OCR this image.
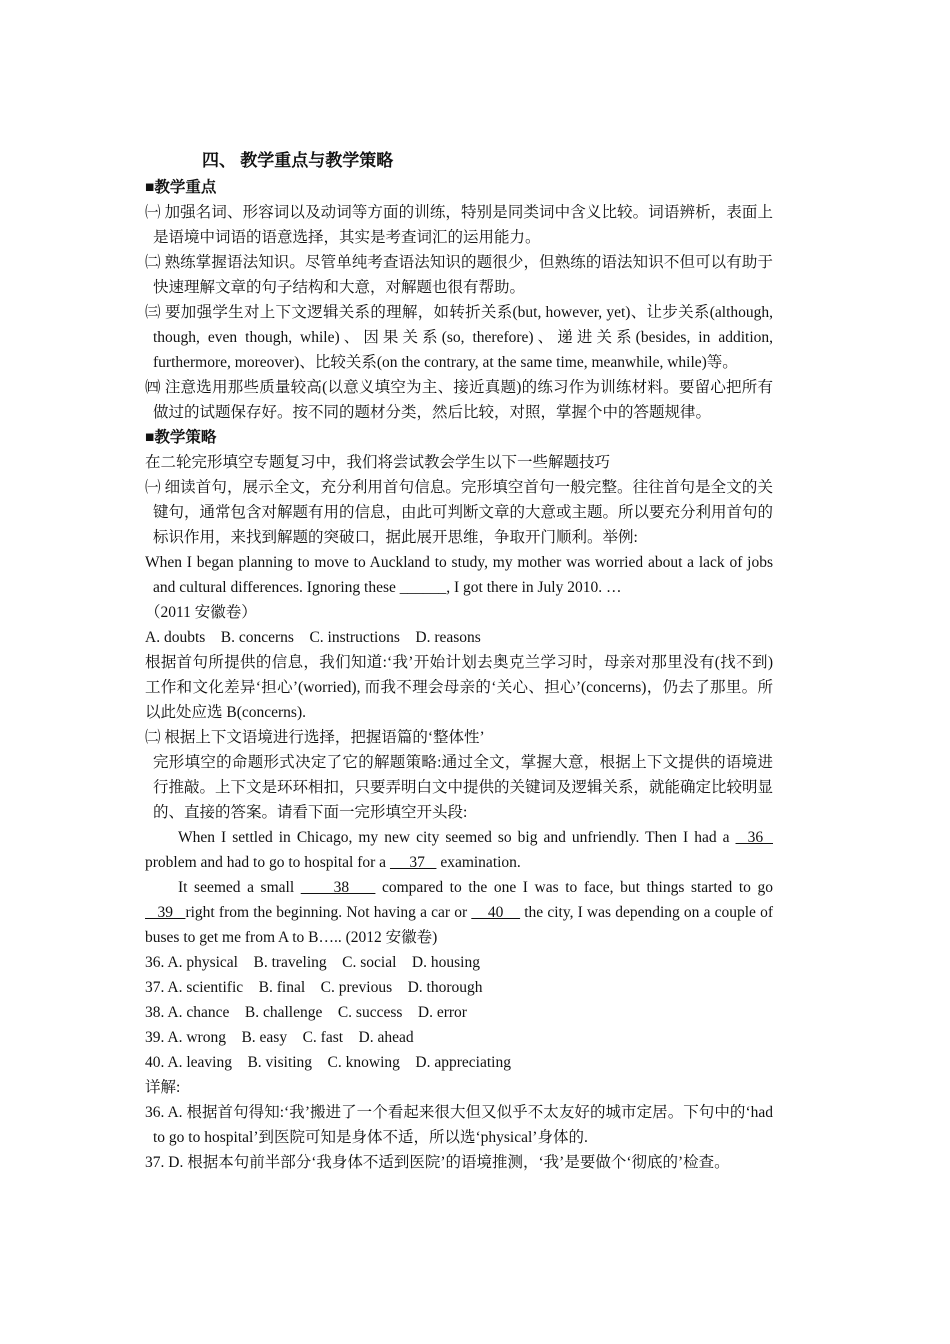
四、 教学重点与教学策略

■教学重点

㈠ 加强名词、形容词以及动词等方面的训练，特别是同类词中含义比较。词语辨析，表面上是语境中词语的语意选择，其实是考查词汇的运用能力。

㈡ 熟练掌握语法知识。尽管单纯考查语法知识的题很少，但熟练的语法知识不但可以有助于快速理解文章的句子结构和大意，对解题也很有帮助。

㈢ 要加强学生对上下文逻辑关系的理解，如转折关系(but, however, yet)、让步关系(although, though, even though, while)、因果关系(so, therefore)、递进关系(besides, in addition, furthermore, moreover)、比较关系(on the contrary, at the same time, meanwhile, while)等。

㈣ 注意选用那些质量较高(以意义填空为主、接近真题)的练习作为训练材料。要留心把所有做过的试题保存好。按不同的题材分类，然后比较，对照，掌握个中的答题规律。

■教学策略

在二轮完形填空专题复习中，我们将尝试教会学生以下一些解题技巧

㈠ 细读首句，展示全文，充分利用首句信息。完形填空首句一般完整。往往首句是全文的关键句，通常包含对解题有用的信息，由此可判断文章的大意或主题。所以要充分利用首句的标识作用，来找到解题的突破口，据此展开思维，争取开门顺利。举例:

When I began planning to move to Auckland to study, my mother was worried about a lack of jobs and cultural differences. Ignoring these ______, I got there in July 2010. …

（2011 安徽卷）

A. doubts    B. concerns    C. instructions    D. reasons

根据首句所提供的信息，我们知道:‘我’开始计划去奥克兰学习时，母亲对那里没有(找不到)工作和文化差异‘担心’(worried), 而我不理会母亲的‘关心、担心’(concerns)，仍去了那里。所以此处应选 B(concerns).

㈡ 根据上下文语境进行选择，把握语篇的‘整体性’

完形填空的命题形式决定了它的解题策略:通过全文，掌握大意，根据上下文提供的语境进行推敲。上下文是环环相扣，只要弄明白文中提供的关键词及逻辑关系，就能确定比较明显的、直接的答案。请看下面一完形填空开头段:

When I settled in Chicago, my new city seemed so big and unfriendly. Then I had a   36   problem and had to go to hospital for a      37    examination.

It seemed a small      38     compared to the one I was to face, but things started to go    39   right from the beginning. Not having a car or     40     the city, I was depending on a couple of buses to get me from A to B….. (2012 安徽卷)

36. A. physical    B. traveling    C. social    D. housing

37. A. scientific    B. final    C. previous    D. thorough

38. A. chance    B. challenge    C. success    D. error

39. A. wrong    B. easy    C. fast    D. ahead

40. A. leaving    B. visiting    C. knowing    D. appreciating

详解:

36. A. 根据首句得知:‘我’搬进了一个看起来很大但又似乎不太友好的城市定居。下句中的‘had to go to hospital’到医院可知是身体不适，所以选‘physical’身体的.

37. D. 根据本句前半部分‘我身体不适到医院’的语境推测，‘我’是要做个‘彻底的’检查。
